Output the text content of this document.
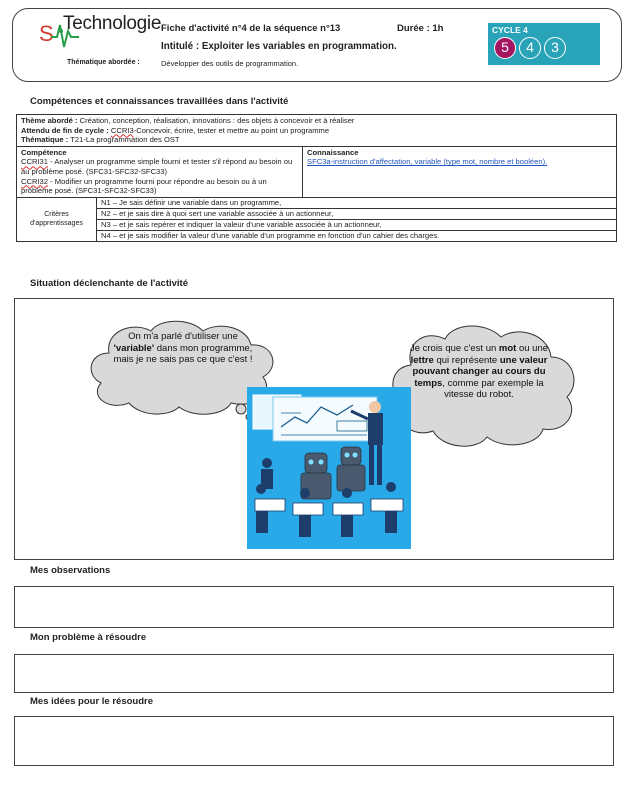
S Technologie
Thématique abordée :	Développer des outils de programmation.
Fiche d'activité n°4 de la séquence n°13	Durée : 1h
Intitulé : Exploiter les variables en programmation.
CYCLE 4
5	4	3
Compétences et connaissances travaillées dans l'activité
Thème abordé : Création, conception, réalisation, innovations : des objets à concevoir et à réaliser
Attendu de fin de cycle : CCRI3-Concevoir, écrire, tester et mettre au point un programme
Thématique : T21-La programmation des OST		
Compétence
CCRI31 - Analyser un programme simple fourni et tester s'il répond au besoin ou au problème posé. (SFC31-SFC32-SFC33)
CCRI32 - Modifier un programme fourni pour répondre au besoin ou à un problème posé. (SFC31-SFC32-SFC33)		Connaissance
SFC3a-instruction d'affectation, variable (type mot, nombre et booléen).
Critères d'apprentissages	N1 – Je sais définir une variable dans un programme,	
	N2 – et je sais dire à quoi sert une variable associée à un actionneur,	
	N3 – et je sais repérer et indiquer la valeur d'une variable associée à un actionneur,	
	N4 – et je sais modifier la valeur d'une variable d'un programme en fonction d'un cahier des charges.	
Situation déclenchante de l'activité
On m'a parlé d'utiliser une 'variable' dans mon programme, mais je ne sais pas ce que c'est !
Je crois que c'est un mot ou une lettre qui représente une valeur pouvant changer au cours du temps, comme par exemple la vitesse du robot.
Mes observations
Mon problème à résoudre
Mes idées pour le résoudre
